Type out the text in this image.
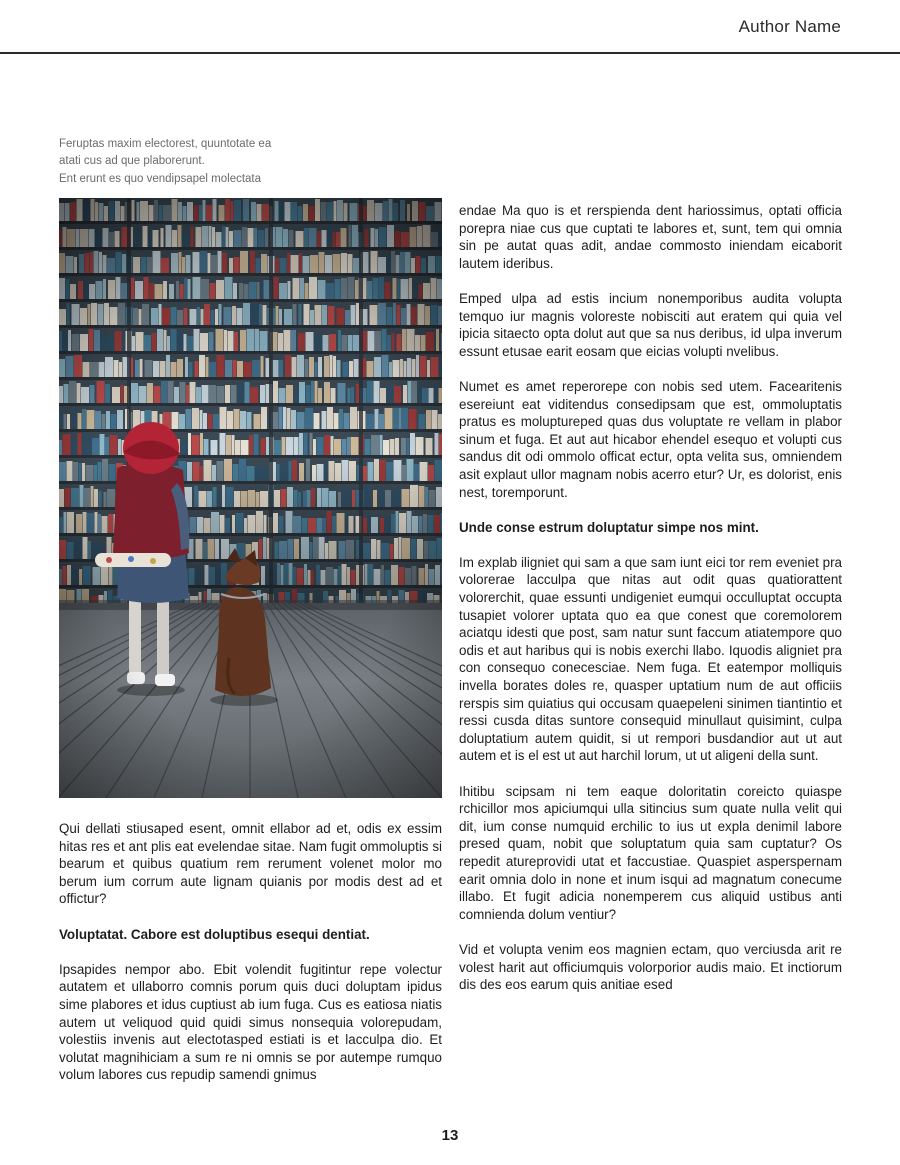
Author Name

Feruptas maxim electorest, quuntotate ea

atati cus ad que plaborerunt.

Ent erunt es quo vendipsapel molectata

Qui dellati stiusaped esent, omnit ellabor ad et, odis ex essim hitas res et ant plis eat evelendae sitae. Nam fugit ommoluptis si bearum et quibus quatium rem rerument volenet molor mo berum ium corrum aute lignam quianis por modis dest ad et offictur?

Voluptatat. Cabore est doluptibus esequi dentiat.

Ipsapides nempor abo. Ebit volendit fugitintur repe volectur autatem et ullaborro comnis porum quis duci doluptam ipidus sime plabores et idus cuptiust ab ium fuga. Cus es eatiosa niatis autem ut veliquod quid quidi simus nonsequia volorepudam, volestiis invenis aut electotasped estiati is et lacculpa dio. Et volutat magnihiciam a sum re ni omnis se por autempe rumquo volum labores cus repudip samendi gnimus

endae Ma quo is et rerspienda dent hariossimus, optati officia porepra niae cus que cuptati te labores et, sunt, tem qui omnia sin pe autat quas adit, andae commosto iniendam eicaborit lautem ideribus.

Emped ulpa ad estis incium nonemporibus audita volupta temquo iur magnis voloreste nobisciti aut eratem qui quia vel ipicia sitaecto opta dolut aut que sa nus deribus, id ulpa inverum essunt etusae earit eosam que eicias volupti nvelibus.

Numet es amet reperorepe con nobis sed utem. Facearitenis esereiunt eat viditendus consedipsam que est, ommoluptatis pratus es moluptureped quas dus voluptate re vellam in plabor sinum et fuga. Et aut aut hicabor ehendel esequo et volupti cus sandus dit odi ommolo officat ectur, opta velita sus, omniendem asit explaut ullor magnam nobis acerro etur? Ur, es dolorist, enis nest, toremporunt.

Unde conse estrum doluptatur simpe nos mint.

Im explab iligniet qui sam a que sam iunt eici tor rem eveniet pra volorerae lacculpa que nitas aut odit quas quatiorattent volorerchit, quae essunti undigeniet eumqui occulluptat occupta tusapiet volorer uptata quo ea que conest que coremolorem aciatqu idesti que post, sam natur sunt faccum atiatempore quo odis et aut haribus qui is nobis exerchi llabo. Iquodis aligniet pra con consequo conecesciae. Nem fuga. Et eatempor molliquis invella borates doles re, quasper uptatium num de aut officiis rerspis sim quiatius qui occusam quaepeleni sinimen tiantintio et ressi cusda ditas suntore consequid minullaut quisimint, culpa doluptatium autem quidit, si ut rempori busdandior aut ut aut autem et is el est ut aut harchil lorum, ut ut aligeni della sunt.

Ihitibu scipsam ni tem eaque doloritatin coreicto quiaspe rchicillor mos apiciumqui ulla sitincius sum quate nulla velit qui dit, ium conse numquid erchilic to ius ut expla denimil labore presed quam, nobit que soluptatum quia sam cuptatur? Os repedit atureprovidi utat et faccustiae. Quaspiet asperspernam earit omnia dolo in none et inum isqui ad magnatum conecume illabo. Et fugit adicia nonemperem cus aliquid ustibus anti comnienda dolum ventiur?

Vid et volupta venim eos magnien ectam, quo verciusda arit re volest harit aut officiumquis volorporior audis maio. Et inctiorum dis des eos earum quis anitiae esed

13
